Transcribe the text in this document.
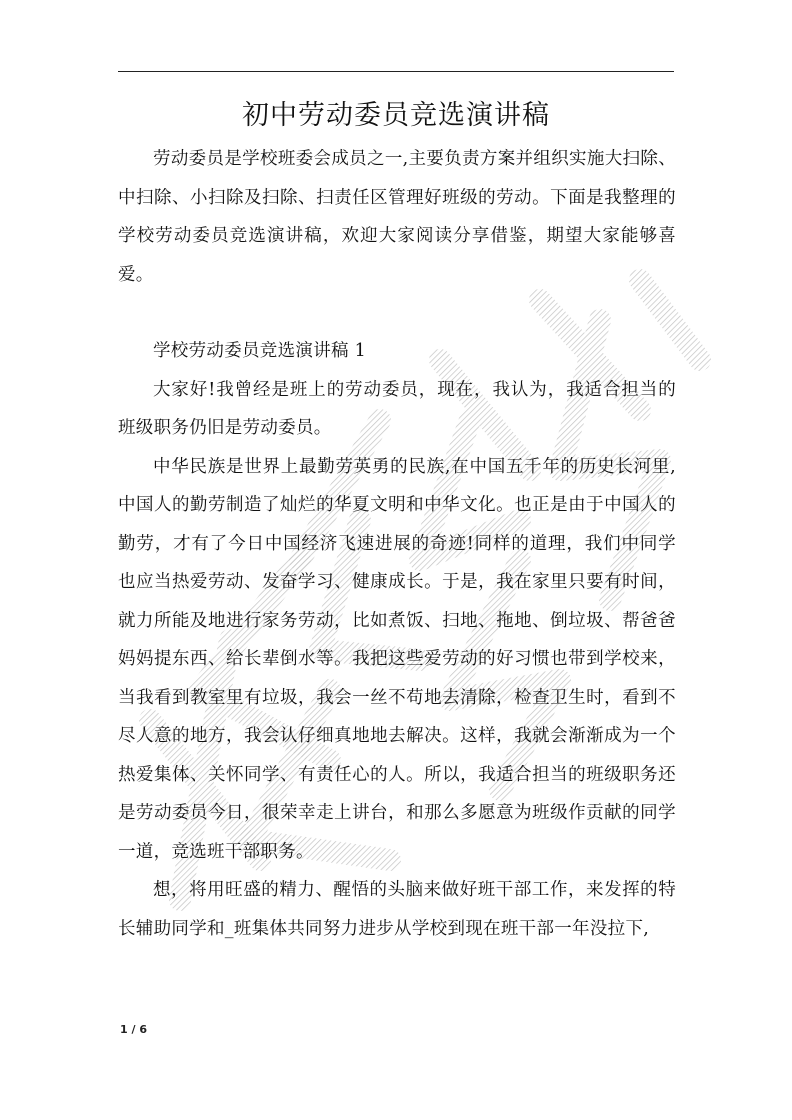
初中劳动委员竞选演讲稿

劳动委员是学校班委会成员之一,主要负责方案并组织实施大扫除、中扫除、小扫除及扫除、扫责任区管理好班级的劳动。下面是我整理的学校劳动委员竞选演讲稿，欢迎大家阅读分享借鉴，期望大家能够喜爱。

学校劳动委员竞选演讲稿 1

大家好!我曾经是班上的劳动委员，现在，我认为，我适合担当的班级职务仍旧是劳动委员。

中华民族是世界上最勤劳英勇的民族,在中国五千年的历史长河里,中国人的勤劳制造了灿烂的华夏文明和中华文化。也正是由于中国人的勤劳，才有了今日中国经济飞速进展的奇迹!同样的道理，我们中同学也应当热爱劳动、发奋学习、健康成长。于是，我在家里只要有时间，就力所能及地进行家务劳动，比如煮饭、扫地、拖地、倒垃圾、帮爸爸妈妈提东西、给长辈倒水等。我把这些爱劳动的好习惯也带到学校来，当我看到教室里有垃圾，我会一丝不苟地去清除，检查卫生时，看到不尽人意的地方，我会认仔细真地地去解决。这样，我就会渐渐成为一个热爱集体、关怀同学、有责任心的人。所以，我适合担当的班级职务还是劳动委员今日，很荣幸走上讲台，和那么多愿意为班级作贡献的同学一道，竞选班干部职务。

想，将用旺盛的精力、醒悟的头脑来做好班干部工作，来发挥的特长辅助同学和_班集体共同努力进步从学校到现在班干部一年没拉下,

1 / 6
